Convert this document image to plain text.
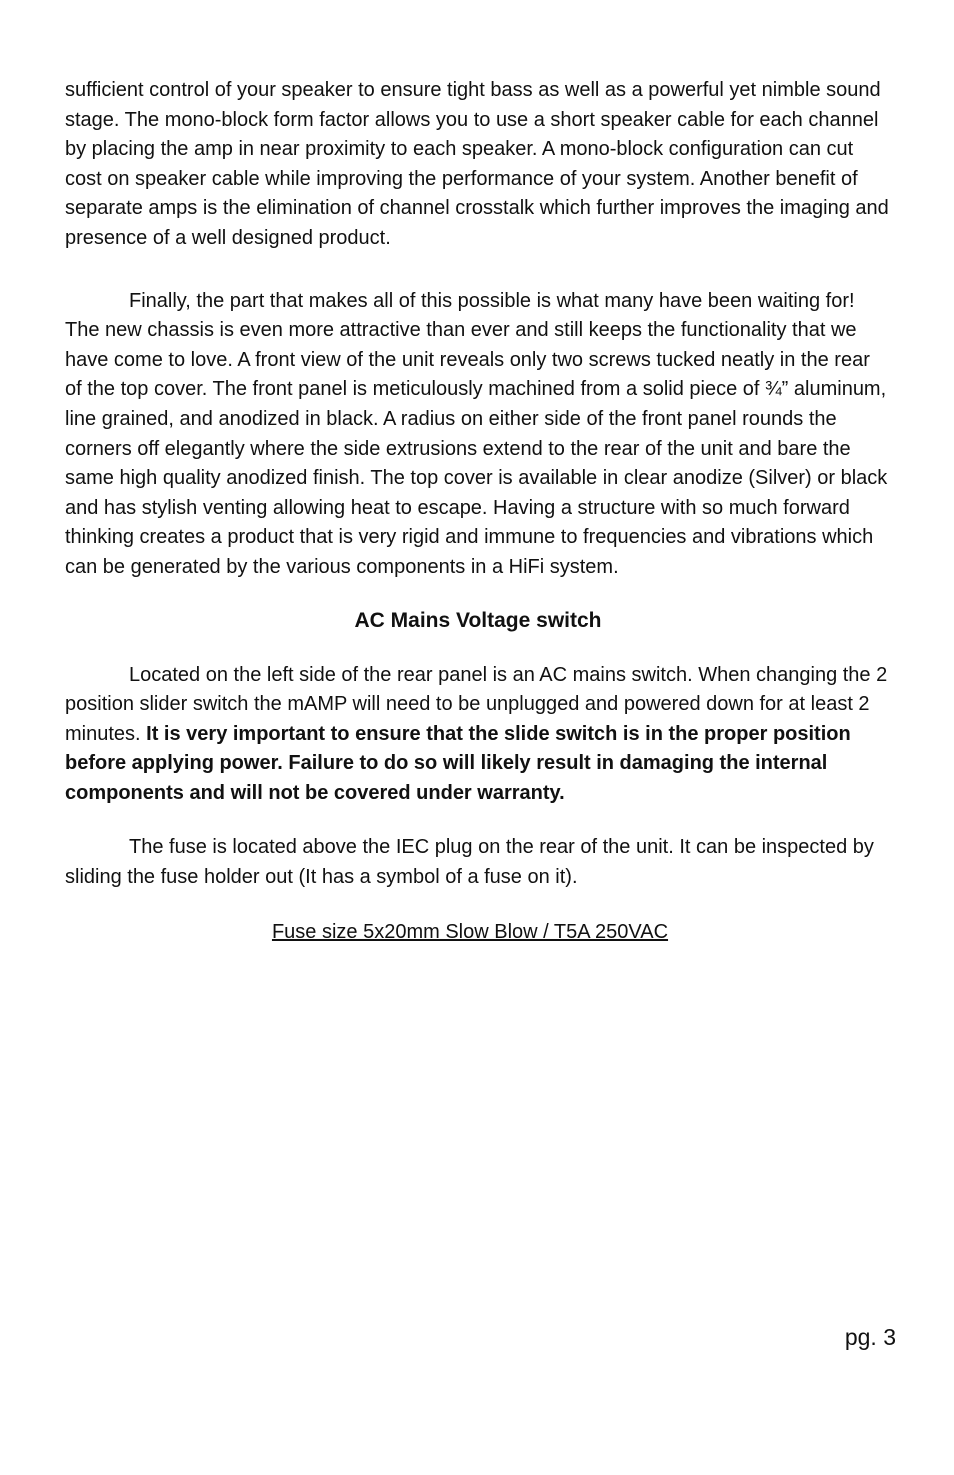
sufficient control of your speaker to ensure tight bass as well as a powerful yet nimble sound stage. The mono-block form factor allows you to use a short speaker cable for each channel by placing the amp in near proximity to each speaker. A mono-block configuration can cut cost on speaker cable while improving the performance of your system. Another benefit of separate amps is the elimination of channel crosstalk which further improves the imaging and presence of a well designed product.

Finally, the part that makes all of this possible is what many have been waiting for! The new chassis is even more attractive than ever and still keeps the functionality that we have come to love. A front view of the unit reveals only two screws tucked neatly in the rear of the top cover. The front panel is meticulously machined from a solid piece of ¾” aluminum, line grained, and anodized in black. A radius on either side of the front panel rounds the corners off elegantly where the side extrusions extend to the rear of the unit and bare the same high quality anodized finish. The top cover is available in clear anodize (Silver) or black and has stylish venting allowing heat to escape. Having a structure with so much forward thinking creates a product that is very rigid and immune to frequencies and vibrations which can be generated by the various components in a HiFi system.

AC Mains Voltage switch

Located on the left side of the rear panel is an AC mains switch. When changing the 2 position slider switch the mAMP will need to be unplugged and powered down for at least 2 minutes. It is very important to ensure that the slide switch is in the proper position before applying power. Failure to do so will likely result in damaging the internal components and will not be covered under warranty.

The fuse is located above the IEC plug on the rear of the unit. It can be inspected by sliding the fuse holder out (It has a symbol of a fuse on it).

Fuse size 5x20mm Slow Blow / T5A 250VAC

pg. 3
